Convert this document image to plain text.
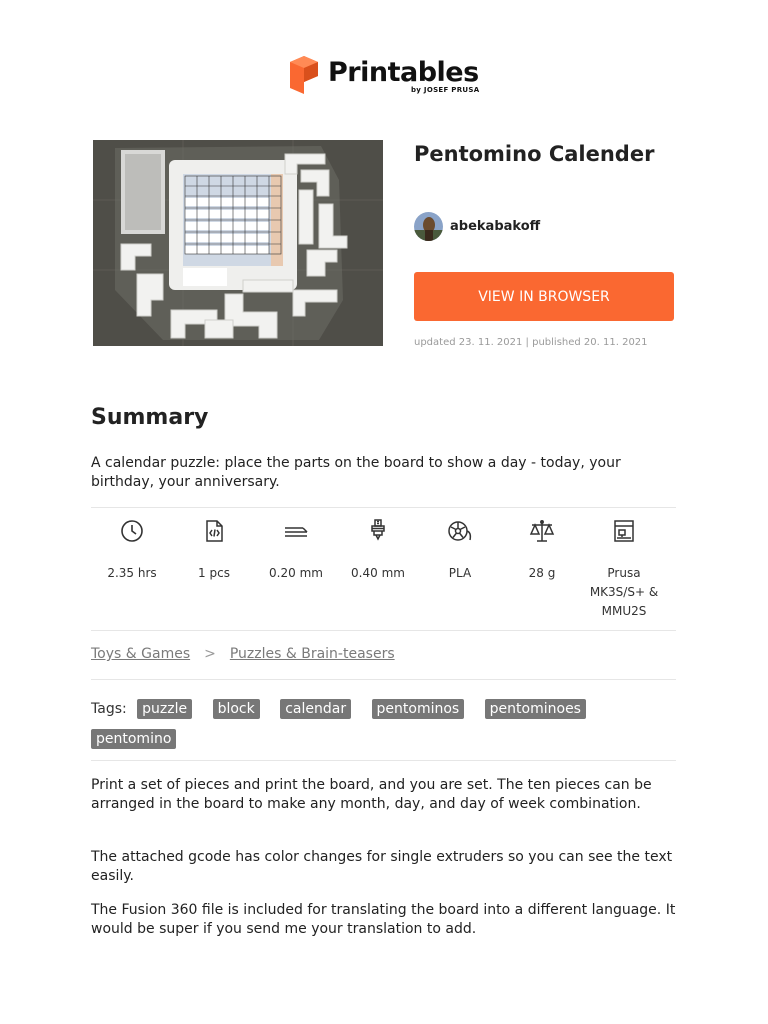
Printables
by JOSEF PRUSA
Pentomino Calender
abekabakoff
VIEW IN BROWSER
updated 23. 11. 2021 | published 20. 11. 2021
Summary

A calendar puzzle: place the parts on the board to show a day - today, your birthday, your anniversary.

2.35 hrs	1 pcs	0.20 mm 0.40 mm	PLA	28 g	Prusa MK3S/S+ & MMU2S
Toys & Games > Puzzles & Brain-teasers
Tags: puzzle block calendar pentominos pentominoes pentomino

Print a set of pieces and print the board, and you are set. The ten pieces can be arranged in the board to make any month, day, and day of week combination.

The attached gcode has color changes for single extruders so you can see the text easily.

The Fusion 360 file is included for translating the board into a different language. It would be super if you send me your translation to add.
